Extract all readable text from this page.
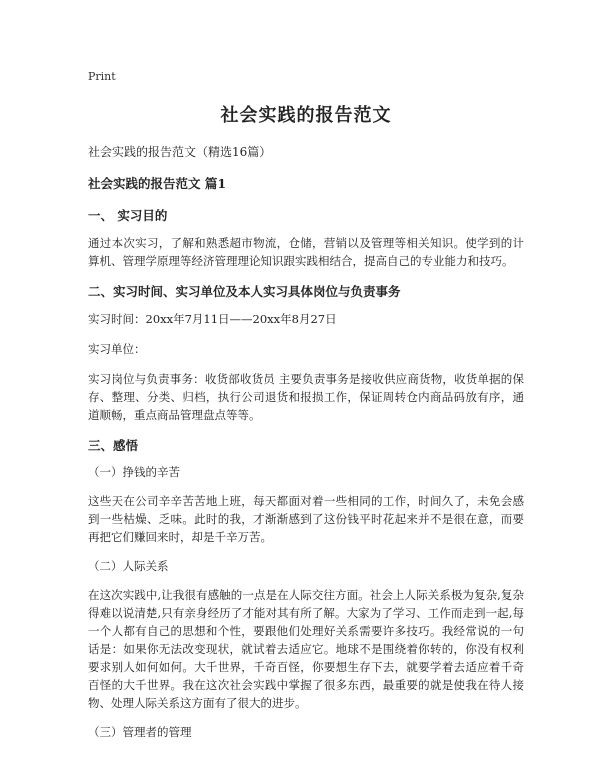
Print
社会实践的报告范文
社会实践的报告范文（精选16篇）
社会实践的报告范文 篇1
一、 实习目的

通过本次实习，了解和熟悉超市物流，仓储，营销以及管理等相关知识。使学到的计算机、管理学原理等经济管理理论知识跟实践相结合，提高自己的专业能力和技巧。

二、实习时间、实习单位及本人实习具体岗位与负责事务

实习时间：20xx年7月11日——20xx年8月27日

实习单位：

实习岗位与负责事务：收货部收货员 主要负责事务是接收供应商货物，收货单据的保存、整理、分类、归档，执行公司退货和报损工作，保证周转仓内商品码放有序，通道顺畅，重点商品管理盘点等等。

三、感悟
（一）挣钱的辛苦

这些天在公司辛辛苦苦地上班，每天都面对着一些相同的工作，时间久了，未免会感到一些枯燥、乏味。此时的我，才渐渐感到了这份钱平时花起来并不是很在意，而要再把它们赚回来时，却是千辛万苦。

（二）人际关系

在这次实践中,让我很有感触的一点是在人际交往方面。社会上人际关系极为复杂,复杂得难以说清楚,只有亲身经历了才能对其有所了解。大家为了学习、工作而走到一起,每一个人都有自己的思想和个性，要跟他们处理好关系需要许多技巧。我经常说的一句话是：如果你无法改变现状，就试着去适应它。地球不是围绕着你转的，你没有权利要求别人如何如何。大千世界，千奇百怪，你要想生存下去，就要学着去适应着千奇百怪的大千世界。我在这次社会实践中掌握了很多东西，最重要的就是使我在待人接物、处理人际关系这方面有了很大的进步。

（三）管理者的管理
